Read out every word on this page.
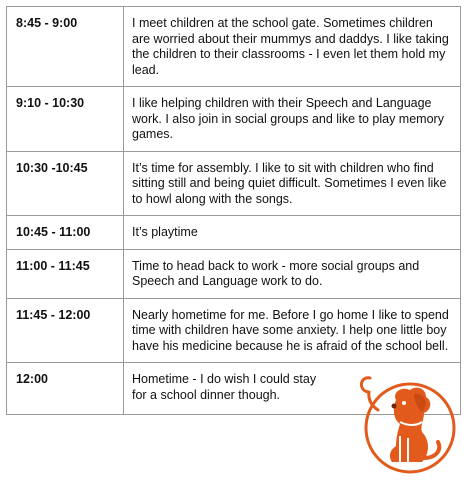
8:45 - 9:00	I meet children at the school gate. Sometimes children are worried about their mummys and daddys. I like taking the children to their classrooms - I even let them hold my lead.
9:10 - 10:30	I like helping children with their Speech and Language work. I also join in social groups and like to play memory games.
10:30 -10:45	It’s time for assembly. I like to sit with children who find sitting still and being quiet difficult. Sometimes I even like to howl along with the songs.
10:45 - 11:00	It’s playtime
11:00 - 11:45	Time to head back to work - more social groups and Speech and Language work to do.
11:45 - 12:00	Nearly hometime for me. Before I go home I like to spend time with children have some anxiety. I help one little boy have his medicine because he is afraid of the school bell.
12:00	Hometime - I do wish I could stay for a school dinner though.
